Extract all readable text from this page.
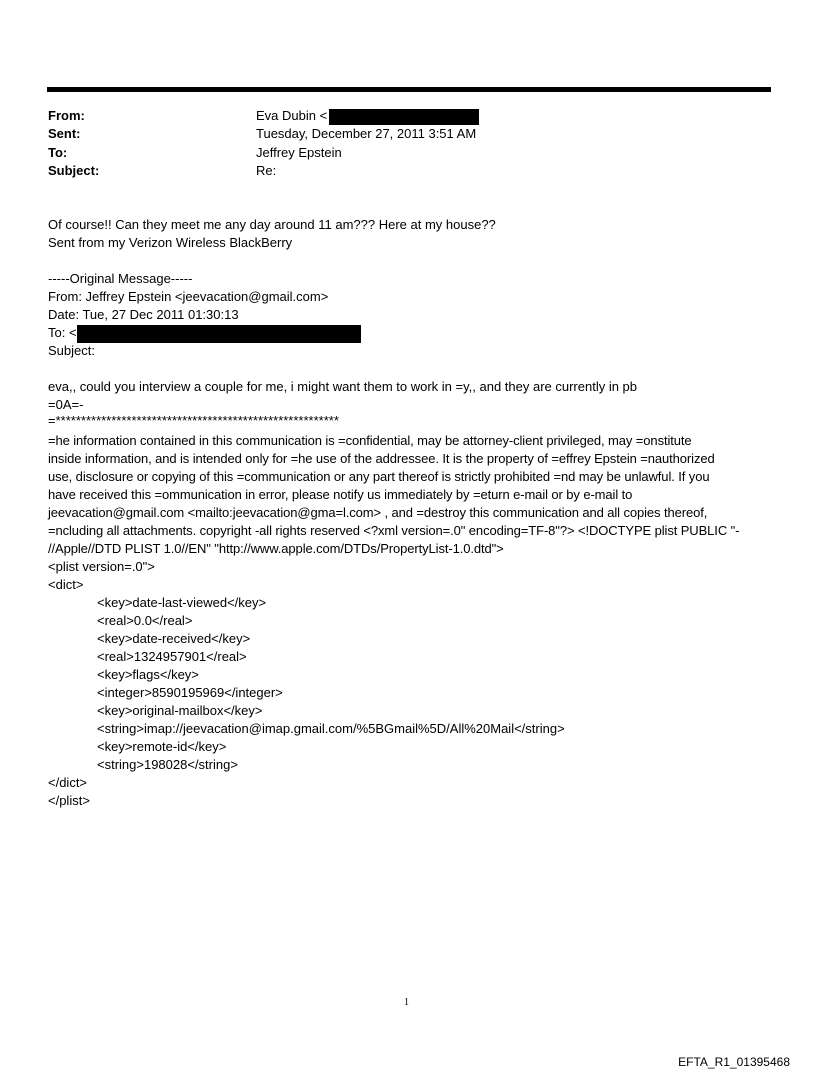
From:	Eva Dubin <
Sent:	Tuesday, December 27, 2011 3:51 AM
To:	Jeffrey Epstein
Subject:	Re:
Of course!! Can they meet me any day around 11 am??? Here at my house??
Sent from my Verizon Wireless BlackBerry
-----Original Message-----
From: Jeffrey Epstein <jeevacation@gmail.com>
Date: Tue, 27 Dec 2011 01:30:13
To: <
Subject:
eva,, could you interview a couple for me, i might want them to work in =y,, and they are currently in pb
=0A=-
=********************************************************
=he information contained in this communication is =confidential, may be attorney-client privileged, may =onstitute
inside information, and is intended only for =he use of the addressee. It is the property of =effrey Epstein =nauthorized
use, disclosure or copying of this =communication or any part thereof is strictly prohibited =nd may be unlawful. If you
have received this =ommunication in error, please notify us immediately by =eturn e-mail or by e-mail to
jeevacation@gmail.com <mailto:jeevacation@gma=l.com> , and =destroy this communication and all copies thereof,
=ncluding all attachments. copyright -all rights reserved <?xml version=.0" encoding=TF-8"?> <!DOCTYPE plist PUBLIC "-
//Apple//DTD PLIST 1.0//EN" "http://www.apple.com/DTDs/PropertyList-1.0.dtd">
<plist version=.0">
<dict>
<key>date-last-viewed</key>
<real>0.0</real>
<key>date-received</key>
<real>1324957901</real>
<key>flags</key>
<integer>8590195969</integer>
<key>original-mailbox</key>
<string>imap://jeevacation@imap.gmail.com/%5BGmail%5D/All%20Mail</string>
<key>remote-id</key>
<string>198028</string>
</dict>
</plist>
1
EFTA_R1_01395468
